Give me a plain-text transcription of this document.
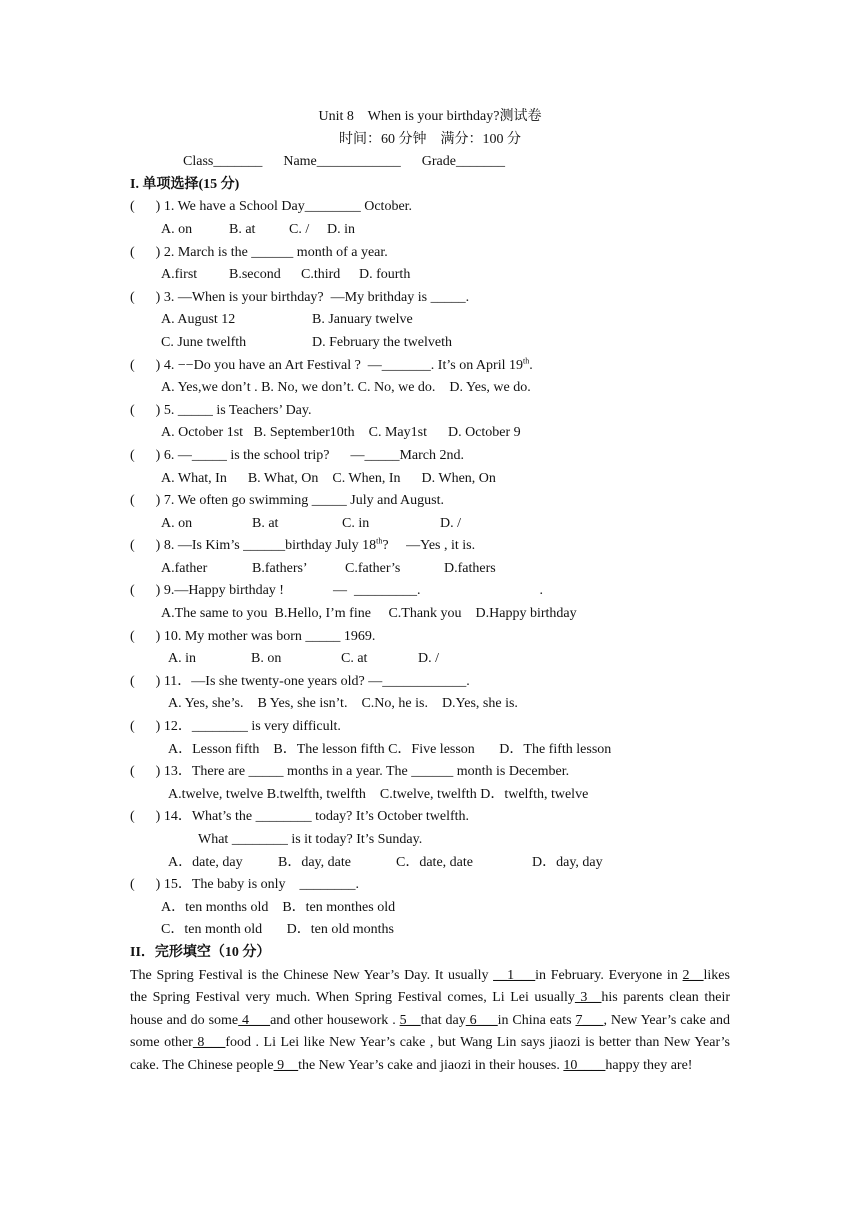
Unit 8    When is your birthday?测试卷
时间：60 分钟    满分：100 分
Class_______      Name____________      Grade_______
I. 单项选择(15 分)
(      ) 1. We have a School Day________ October.
A. on	B. at	C. /	D. in
(      ) 2. March is the ______ month of a year.
A.first	B.second	C.third	D. fourth
(      ) 3. —When is your birthday?  —My brithday is _____.
A. August 12	B. January twelve
C. June twelfth	D. February the twelveth
(      ) 4. −−Do you have an Art Festival ?  —_______. It’s on April 19th.
A. Yes,we don’t . B. No, we don’t. C. No, we do.    D. Yes, we do.
(      ) 5. _____ is Teachers’ Day.
A. October 1st   B. September10th    C. May1st      D. October 9
(      ) 6. —_____ is the school trip?      —_____March 2nd.
A. What, In      B. What, On    C. When, In      D. When, On
(      ) 7. We often go swimming _____ July and August.
A. on	B. at	C. in	D. /
(      ) 8. —Is Kim’s ______birthday July 18th?     —Yes , it is.
A.father	B.fathers’	C.father’s	D.fathers
(      ) 9.—Happy birthday !              —  _________.                                  .
A.The same to you  B.Hello, I’m fine     C.Thank you    D.Happy birthday
(      ) 10. My mother was born _____ 1969.
A. in	B. on	C. at	D. /
(      ) 11．—Is she twenty-one years old? —____________.
A. Yes, she’s.    B Yes, she isn’t.    C.No, he is.    D.Yes, she is.
(      ) 12．________ is very difficult.
A．Lesson fifth    B．The lesson fifth C．Five lesson       D．The fifth lesson
(      ) 13．There are _____ months in a year. The ______ month is December.
A.twelve, twelve B.twelfth, twelfth    C.twelve, twelfth D．twelfth, twelve
(      ) 14．What’s the ________ today? It’s October twelfth.
What ________ is it today? It’s Sunday.
A．date, day	B．day, date	C．date, date	D．day, day
(      ) 15．The baby is only    ________.
A．ten months old    B．ten monthes old
C．ten month old       D．ten old months
II．完形填空（10 分）
The Spring Festival is the Chinese New Year’s Day. It usually __1___in February. Everyone in 2__likes the Spring Festival very much. When Spring Festival comes, Li Lei usually 3__his parents clean their house and do some 4___and other housework . 5__that day 6___in China eats 7___, New Year’s cake and some other 8___food . Li Lei like New Year’s cake , but Wang Lin says jiaozi is better than New Year’s cake. The Chinese people 9__the New Year’s cake and jiaozi in their houses. 10____happy they are!
